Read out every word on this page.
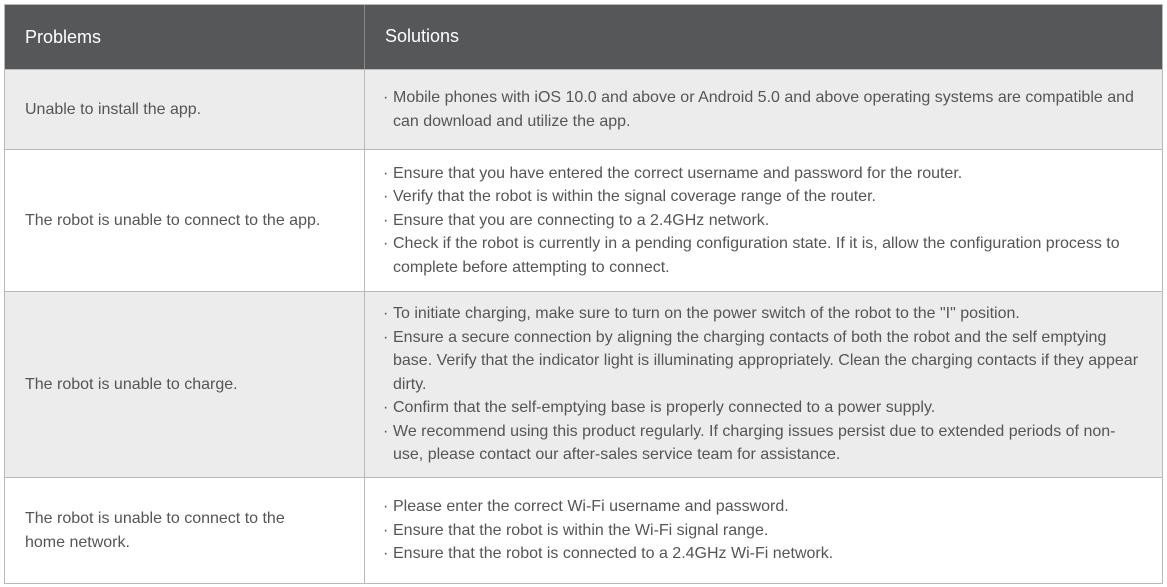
Problems	Solutions
Unable to install the app.
· Mobile phones with iOS 10.0 and above or Android 5.0 and above operating systems are compatible and can download and utilize the app.
The robot is unable to connect to the app.
· Ensure that you have entered the correct username and password for the router.
· Verify that the robot is within the signal coverage range of the router.
· Ensure that you are connecting to a 2.4GHz network.
· Check if the robot is currently in a pending configuration state. If it is, allow the configuration process to complete before attempting to connect.
The robot is unable to charge.
· To initiate charging, make sure to turn on the power switch of the robot to the "I" position.
· Ensure a secure connection by aligning the charging contacts of both the robot and the self emptying base. Verify that the indicator light is illuminating appropriately. Clean the charging contacts if they appear dirty.
· Confirm that the self-emptying base is properly connected to a power supply.
· We recommend using this product regularly. If charging issues persist due to extended periods of non-use, please contact our after-sales service team for assistance.
The robot is unable to connect to the home network.
· Please enter the correct Wi-Fi username and password.
· Ensure that the robot is within the Wi-Fi signal range.
· Ensure that the robot is connected to a 2.4GHz Wi-Fi network.
